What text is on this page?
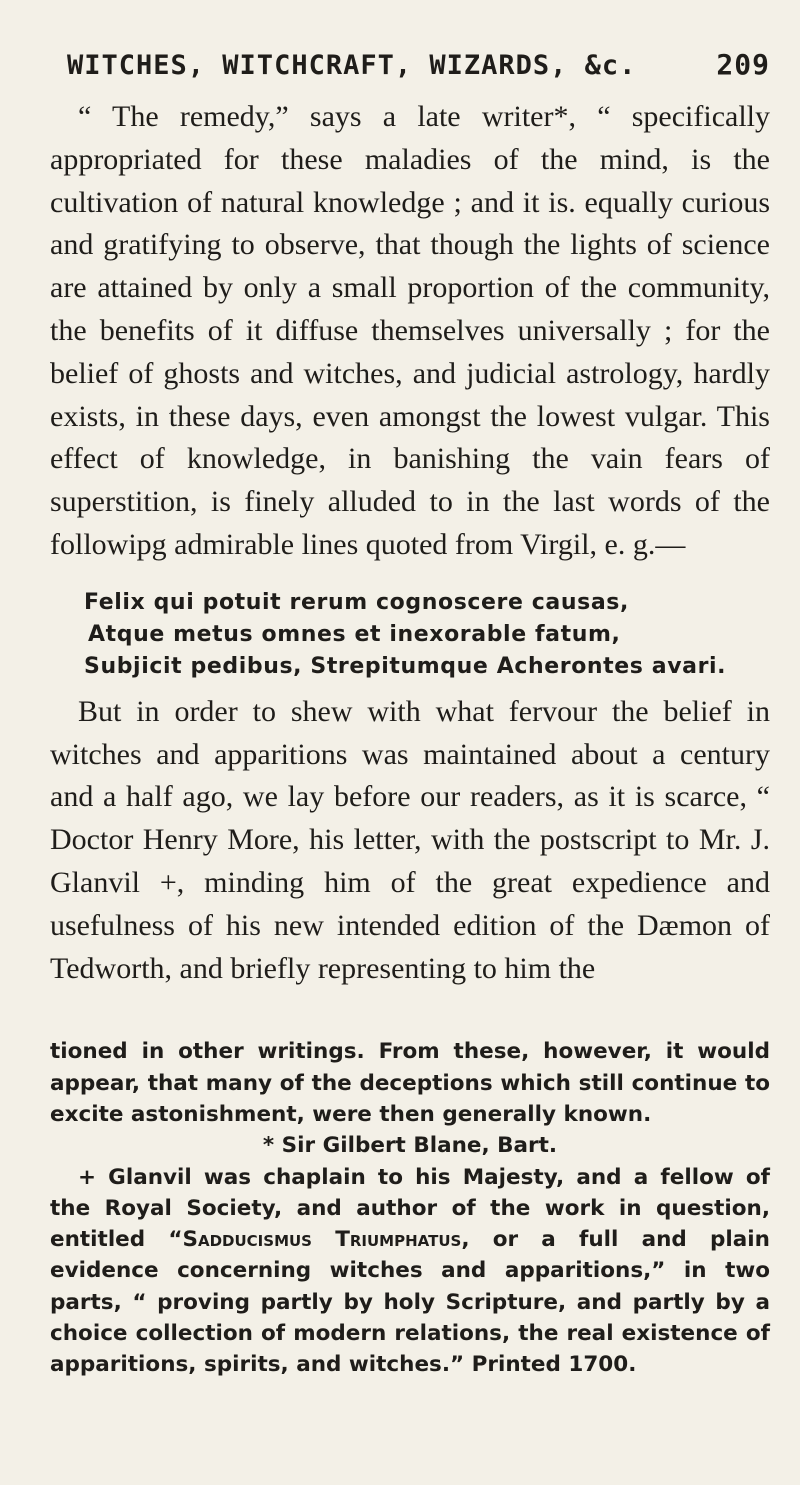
WITCHES, WITCHCRAFT, WIZARDS, &c.	209

“ The remedy,” says a late writer*, “ specifically appropriated for these maladies of the mind, is the cultivation of natural knowledge ; and it is. equally curious and gratifying to observe, that though the lights of science are attained by only a small proportion of the community, the benefits of it diffuse themselves universally ; for the belief of ghosts and witches, and judicial astrology, hardly exists, in these days, even amongst the lowest vulgar. This effect of knowledge, in banishing the vain fears of superstition, is finely alluded to in the last words of the followipg admirable lines quoted from Virgil, e. g.—

Felix qui potuit rerum cognoscere causas,
Atque metus omnes et inexorable fatum,
Subjicit pedibus, Strepitumque Acherontes avari.

But in order to shew with what fervour the belief in witches and apparitions was maintained about a century and a half ago, we lay before our readers, as it is scarce, “ Doctor Henry More, his letter, with the postscript to Mr. J. Glanvil +, minding him of the great expedience and usefulness of his new intended edition of the Dæmon of Tedworth, and briefly representing to him the

tioned in other writings. From these, however, it would appear, that many of the deceptions which still continue to excite astonishment, were then generally known.

* Sir Gilbert Blane, Bart.

+ Glanvil was chaplain to his Majesty, and a fellow of the Royal Society, and author of the work in question, entitled “Sadducismus Triumphatus, or a full and plain evidence concerning witches and apparitions,” in two parts, “ proving partly by holy Scripture, and partly by a choice collection of modern relations, the real existence of apparitions, spirits, and witches.” Printed 1700.
